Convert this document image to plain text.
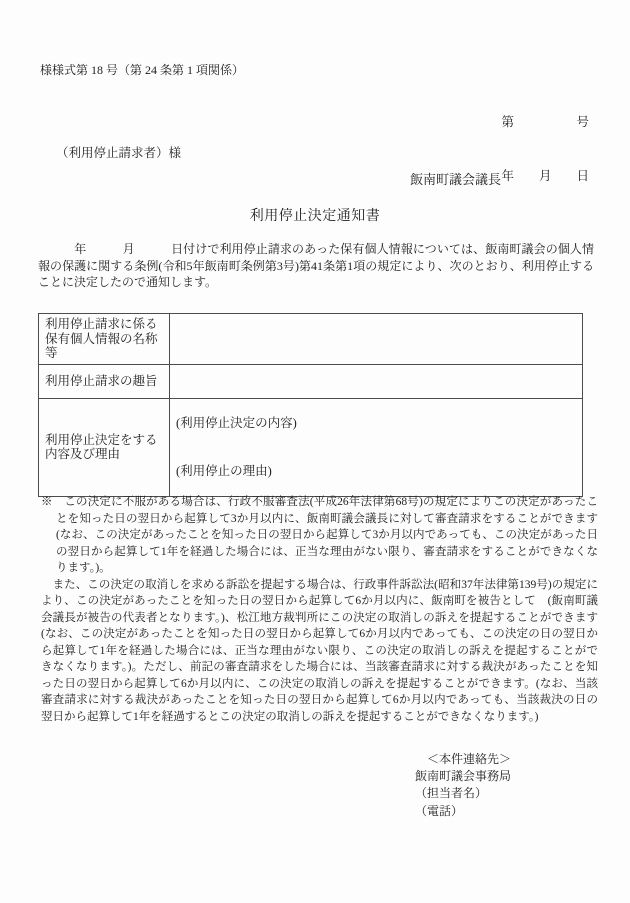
様様式第 18 号（第 24 条第 1 項関係）

第　　　　　号

年　　月　　日

（利用停止請求者）様
飯南町議会議長
利用停止決定通知書
　　　年　　　月　　　日付けで利用停止請求のあった保有個人情報については、飯南町議会の個人情報の保護に関する条例(令和5年飯南町条例第3号)第41条第1項の規定により、次のとおり、利用停止することに決定したので通知します。
利用停止請求に係る保有個人情報の名称等	
利用停止請求の趣旨	
利用停止決定をする内容及び理由	(利用停止決定の内容)
(利用停止の理由)

※　この決定に不服がある場合は、行政不服審査法(平成26年法律第68号)の規定によりこの決定があったことを知った日の翌日から起算して3か月以内に、飯南町議会議長に対して審査請求をすることができます(なお、この決定があったことを知った日の翌日から起算して3か月以内であっても、この決定があった日の翌日から起算して1年を経過した場合には、正当な理由がない限り、審査請求をすることができなくなります。)。

　また、この決定の取消しを求める訴訟を提起する場合は、行政事件訴訟法(昭和37年法律第139号)の規定により、この決定があったことを知った日の翌日から起算して6か月以内に、飯南町を被告として　(飯南町議会議長が被告の代表者となります。)、松江地方裁判所にこの決定の取消しの訴えを提起することができます(なお、この決定があったことを知った日の翌日から起算して6か月以内であっても、この決定の日の翌日から起算して1年を経過した場合には、正当な理由がない限り、この決定の取消しの訴えを提起することができなくなります。)。ただし、前記の審査請求をした場合には、当該審査請求に対する裁決があったことを知った日の翌日から起算して6か月以内に、この決定の取消しの訴えを提起することができます。(なお、当該審査請求に対する裁決があったことを知った日の翌日から起算して6か月以内であっても、当該裁決の日の翌日から起算して1年を経過するとこの決定の取消しの訴えを提起することができなくなります。)

＜本件連絡先＞
飯南町議会事務局
（担当者名）
（電話）
